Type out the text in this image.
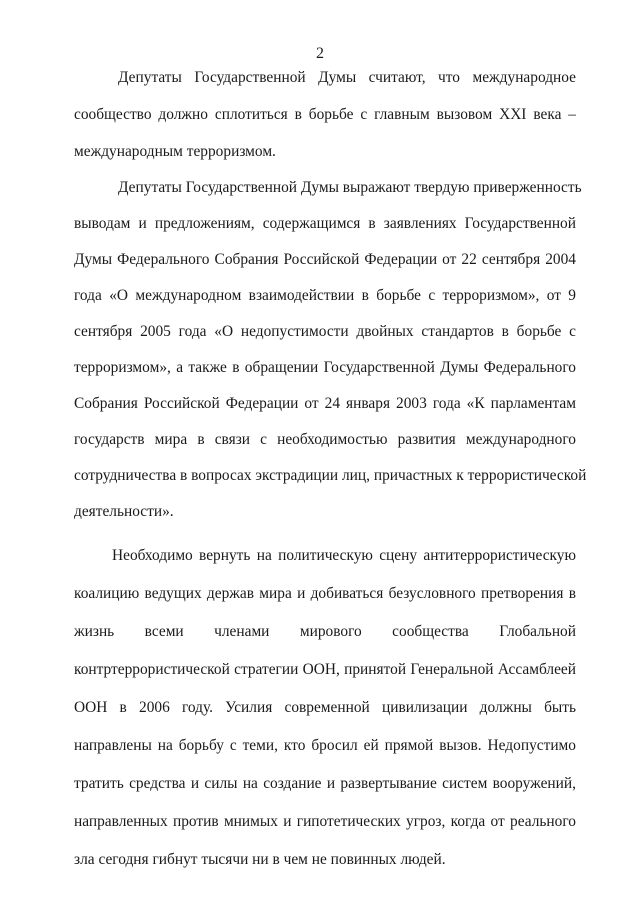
2
Депутаты Государственной Думы считают, что международное
сообщество должно сплотиться в борьбе с главным вызовом XXI века –
международным терроризмом.
Депутаты Государственной Думы выражают твердую приверженность
выводам и предложениям, содержащимся в заявлениях Государственной
Думы Федерального Собрания Российской Федерации от 22 сентября 2004
года «О международном взаимодействии в борьбе с терроризмом», от 9
сентября 2005 года «О недопустимости двойных стандартов в борьбе с
терроризмом», а также в обращении Государственной Думы Федерального
Собрания Российской Федерации от 24 января 2003 года «К парламентам
государств мира в связи с необходимостью развития международного
сотрудничества в вопросах экстрадиции лиц, причастных к террористической
деятельности».
Необходимо вернуть на политическую сцену антитеррористическую
коалицию ведущих держав мира и добиваться безусловного претворения в
жизнь всеми членами мирового сообщества Глобальной
контртеррористической стратегии ООН, принятой Генеральной Ассамблеей
ООН в 2006 году. Усилия современной цивилизации должны быть
направлены на борьбу с теми, кто бросил ей прямой вызов. Недопустимо
тратить средства и силы на создание и развертывание систем вооружений,
направленных против мнимых и гипотетических угроз, когда от реального
зла сегодня гибнут тысячи ни в чем не повинных людей.
